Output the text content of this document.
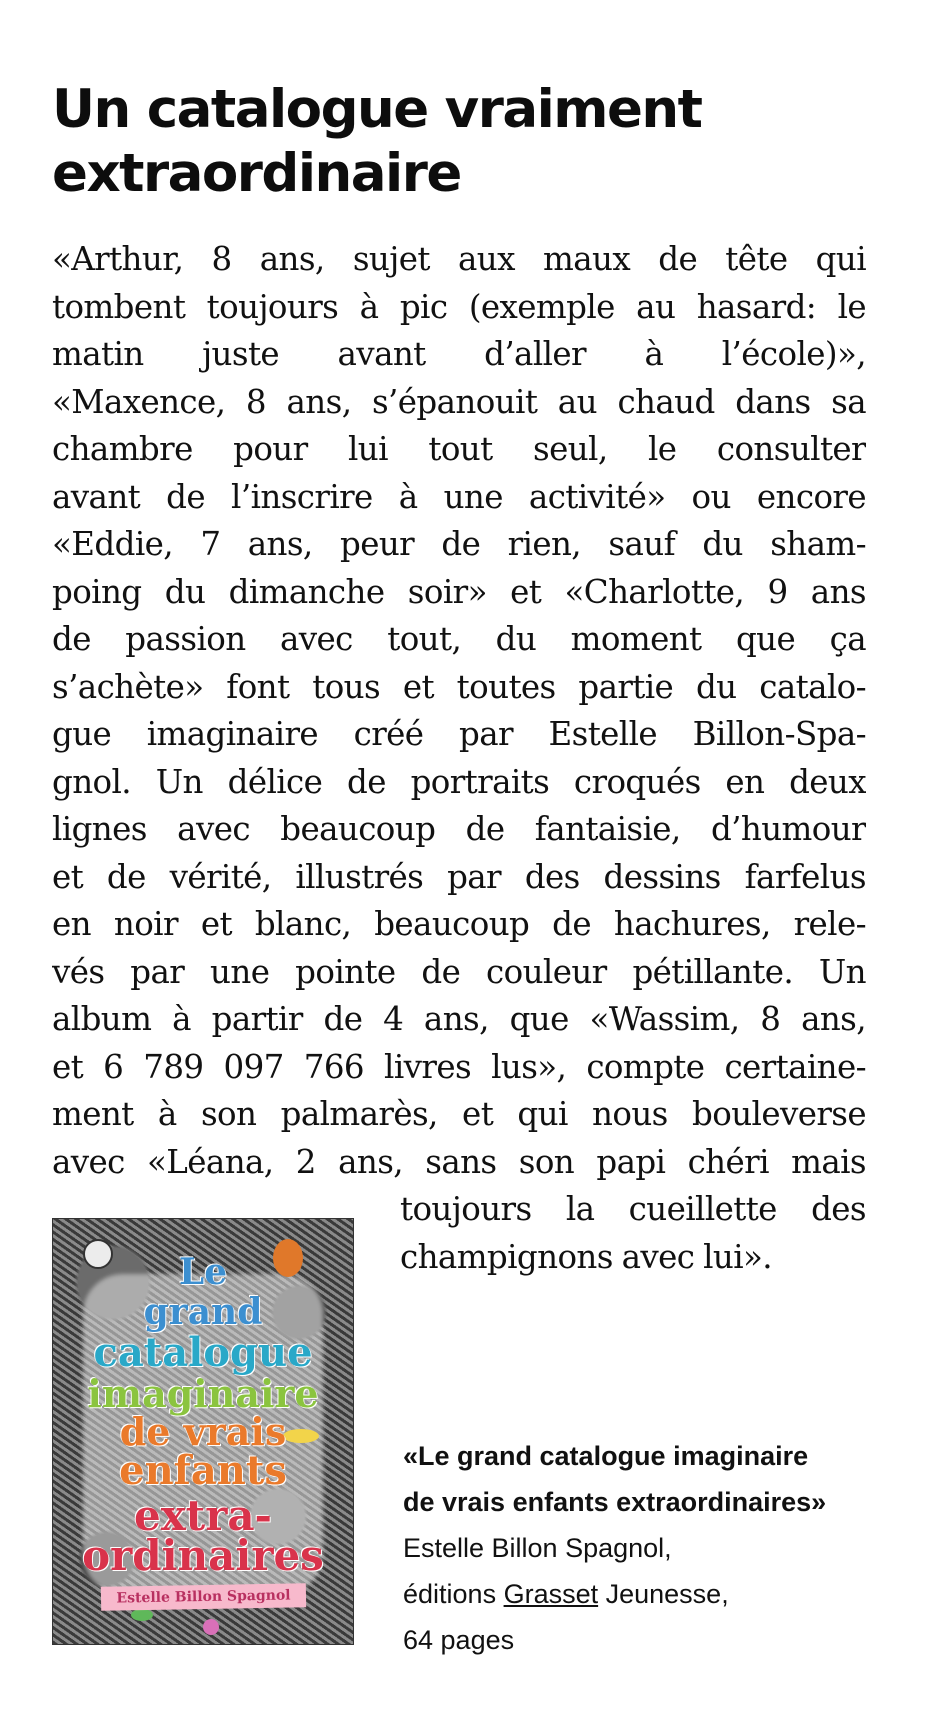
Un catalogue vraiment
extraordinaire
«Arthur, 8 ans, sujet aux maux de tête qui
tombent toujours à pic (exemple au hasard: le
matin juste avant d’aller à l’école)»,
«Maxence, 8 ans, s’épanouit au chaud dans sa
chambre pour lui tout seul, le consulter
avant de l’inscrire à une activité» ou encore
«Eddie, 7 ans, peur de rien, sauf du sham-
poing du dimanche soir» et «Charlotte, 9 ans
de passion avec tout, du moment que ça
s’achète» font tous et toutes partie du catalo-
gue imaginaire créé par Estelle Billon-Spa-
gnol. Un délice de portraits croqués en deux
lignes avec beaucoup de fantaisie, d’humour
et de vérité, illustrés par des dessins farfelus
en noir et blanc, beaucoup de hachures, rele-
vés par une pointe de couleur pétillante. Un
album à partir de 4 ans, que «Wassim, 8 ans,
et 6 789 097 766 livres lus», compte certaine-
ment à son palmarès, et qui nous bouleverse
avec «Léana, 2 ans, sans son papi chéri mais
toujours la cueillette des
champignons avec lui».
Le
grand
catalogue
imaginaire
de vrais
enfants
extra-
ordinaires
Estelle Billon Spagnol
«Le grand catalogue imaginaire
de vrais enfants extraordinaires»
Estelle Billon Spagnol,
éditions Grasset Jeunesse,
64 pages
